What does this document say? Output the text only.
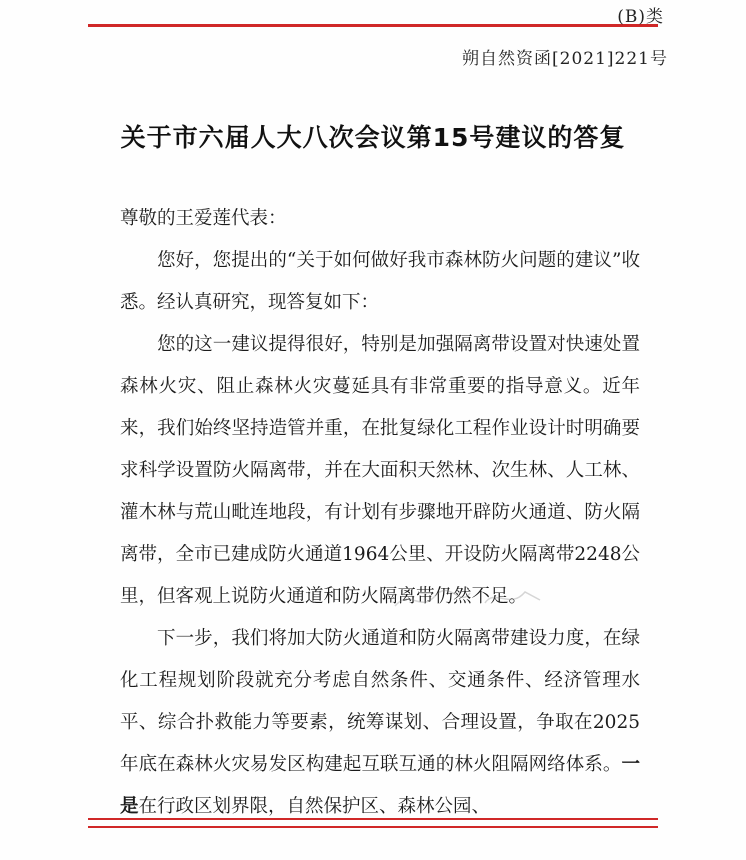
(B)类
朔自然资函[2021]221号
关于市六届人大八次会议第15号建议的答复

尊敬的王爱莲代表：

您好，您提出的“关于如何做好我市森林防火问题的建议”收悉。经认真研究，现答复如下：

您的这一建议提得很好，特别是加强隔离带设置对快速处置森林火灾、阻止森林火灾蔓延具有非常重要的指导意义。近年来，我们始终坚持造管并重，在批复绿化工程作业设计时明确要求科学设置防火隔离带，并在大面积天然林、次生林、人工林、灌木林与荒山毗连地段，有计划有步骤地开辟防火通道、防火隔离带，全市已建成防火通道1964公里、开设防火隔离带2248公里，但客观上说防火通道和防火隔离带仍然不足。

下一步，我们将加大防火通道和防火隔离带建设力度，在绿化工程规划阶段就充分考虑自然条件、交通条件、经济管理水平、综合扑救能力等要素，统筹谋划、合理设置，争取在2025年底在森林火灾易发区构建起互联互通的林火阻隔网络体系。一是在行政区划界限，自然保护区、森林公园、
